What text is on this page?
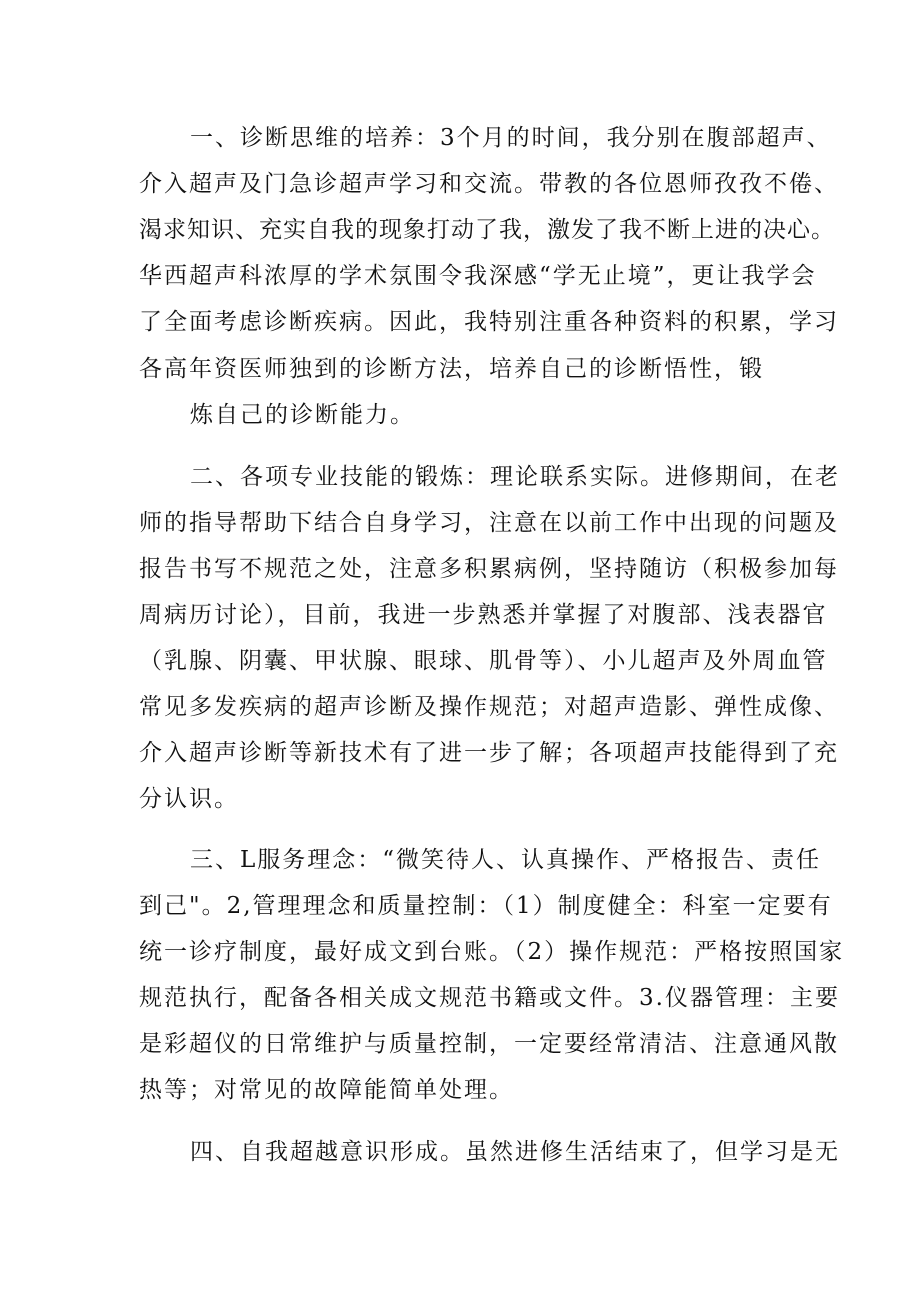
一、诊断思维的培养：3个月的时间，我分别在腹部超声、

介入超声及门急诊超声学习和交流。带教的各位恩师孜孜不倦、

渴求知识、充实自我的现象打动了我，激发了我不断上进的决心。

华西超声科浓厚的学术氛围令我深感“学无止境”，更让我学会

了全面考虑诊断疾病。因此，我特别注重各种资料的积累，学习

各高年资医师独到的诊断方法，培养自己的诊断悟性，锻

炼自己的诊断能力。

二、各项专业技能的锻炼：理论联系实际。进修期间，在老

师的指导帮助下结合自身学习，注意在以前工作中出现的问题及

报告书写不规范之处，注意多积累病例，坚持随访（积极参加每

周病历讨论），目前，我进一步熟悉并掌握了对腹部、浅表器官

（乳腺、阴囊、甲状腺、眼球、肌骨等）、小儿超声及外周血管

常见多发疾病的超声诊断及操作规范；对超声造影、弹性成像、

介入超声诊断等新技术有了进一步了解；各项超声技能得到了充

分认识。

三、L服务理念：“微笑待人、认真操作、严格报告、责任

到己"。2,管理理念和质量控制：（1）制度健全：科室一定要有

统一诊疗制度，最好成文到台账。（2）操作规范：严格按照国家

规范执行，配备各相关成文规范书籍或文件。3.仪器管理：主要

是彩超仪的日常维护与质量控制，一定要经常清洁、注意通风散

热等；对常见的故障能简单处理。

四、自我超越意识形成。虽然进修生活结束了，但学习是无
